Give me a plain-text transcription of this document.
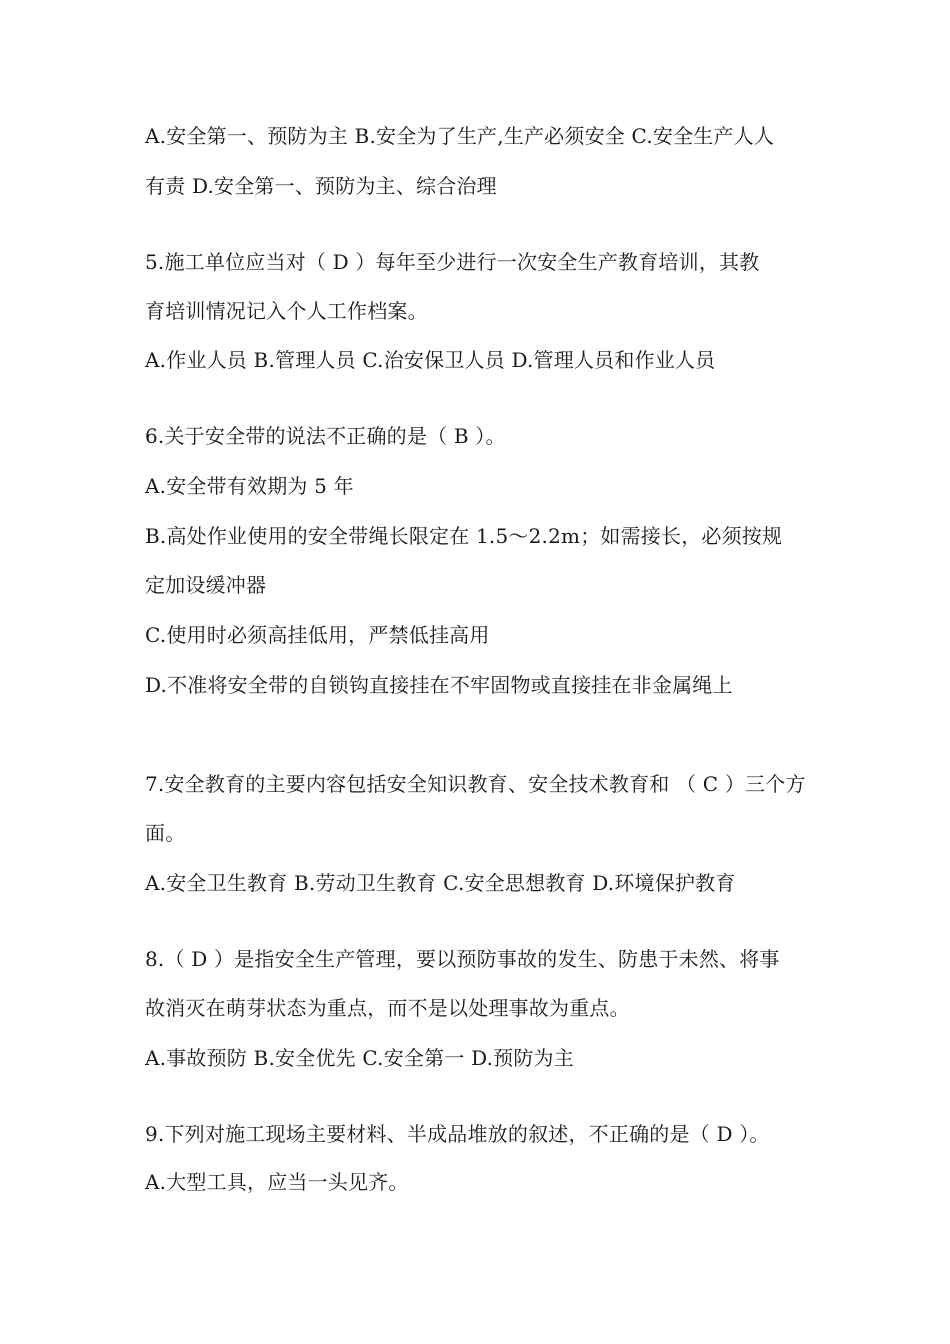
A.安全第一、预防为主 B.安全为了生产,生产必须安全 C.安全生产人人
有责 D.安全第一、预防为主、综合治理
5.施工单位应当对（ D ）每年至少进行一次安全生产教育培训，其教
育培训情况记入个人工作档案。
A.作业人员 B.管理人员 C.治安保卫人员 D.管理人员和作业人员
6.关于安全带的说法不正确的是（ B ）。
A.安全带有效期为 5 年
B.高处作业使用的安全带绳长限定在 1.5～2.2m；如需接长，必须按规
定加设缓冲器
C.使用时必须高挂低用，严禁低挂高用
D.不准将安全带的自锁钩直接挂在不牢固物或直接挂在非金属绳上
7.安全教育的主要内容包括安全知识教育、安全技术教育和 （ C ）三个方
面。
A.安全卫生教育 B.劳动卫生教育 C.安全思想教育 D.环境保护教育
8.（ D ）是指安全生产管理，要以预防事故的发生、防患于未然、将事
故消灭在萌芽状态为重点，而不是以处理事故为重点。
A.事故预防 B.安全优先 C.安全第一 D.预防为主
9.下列对施工现场主要材料、半成品堆放的叙述，不正确的是（ D ）。
A.大型工具，应当一头见齐。
